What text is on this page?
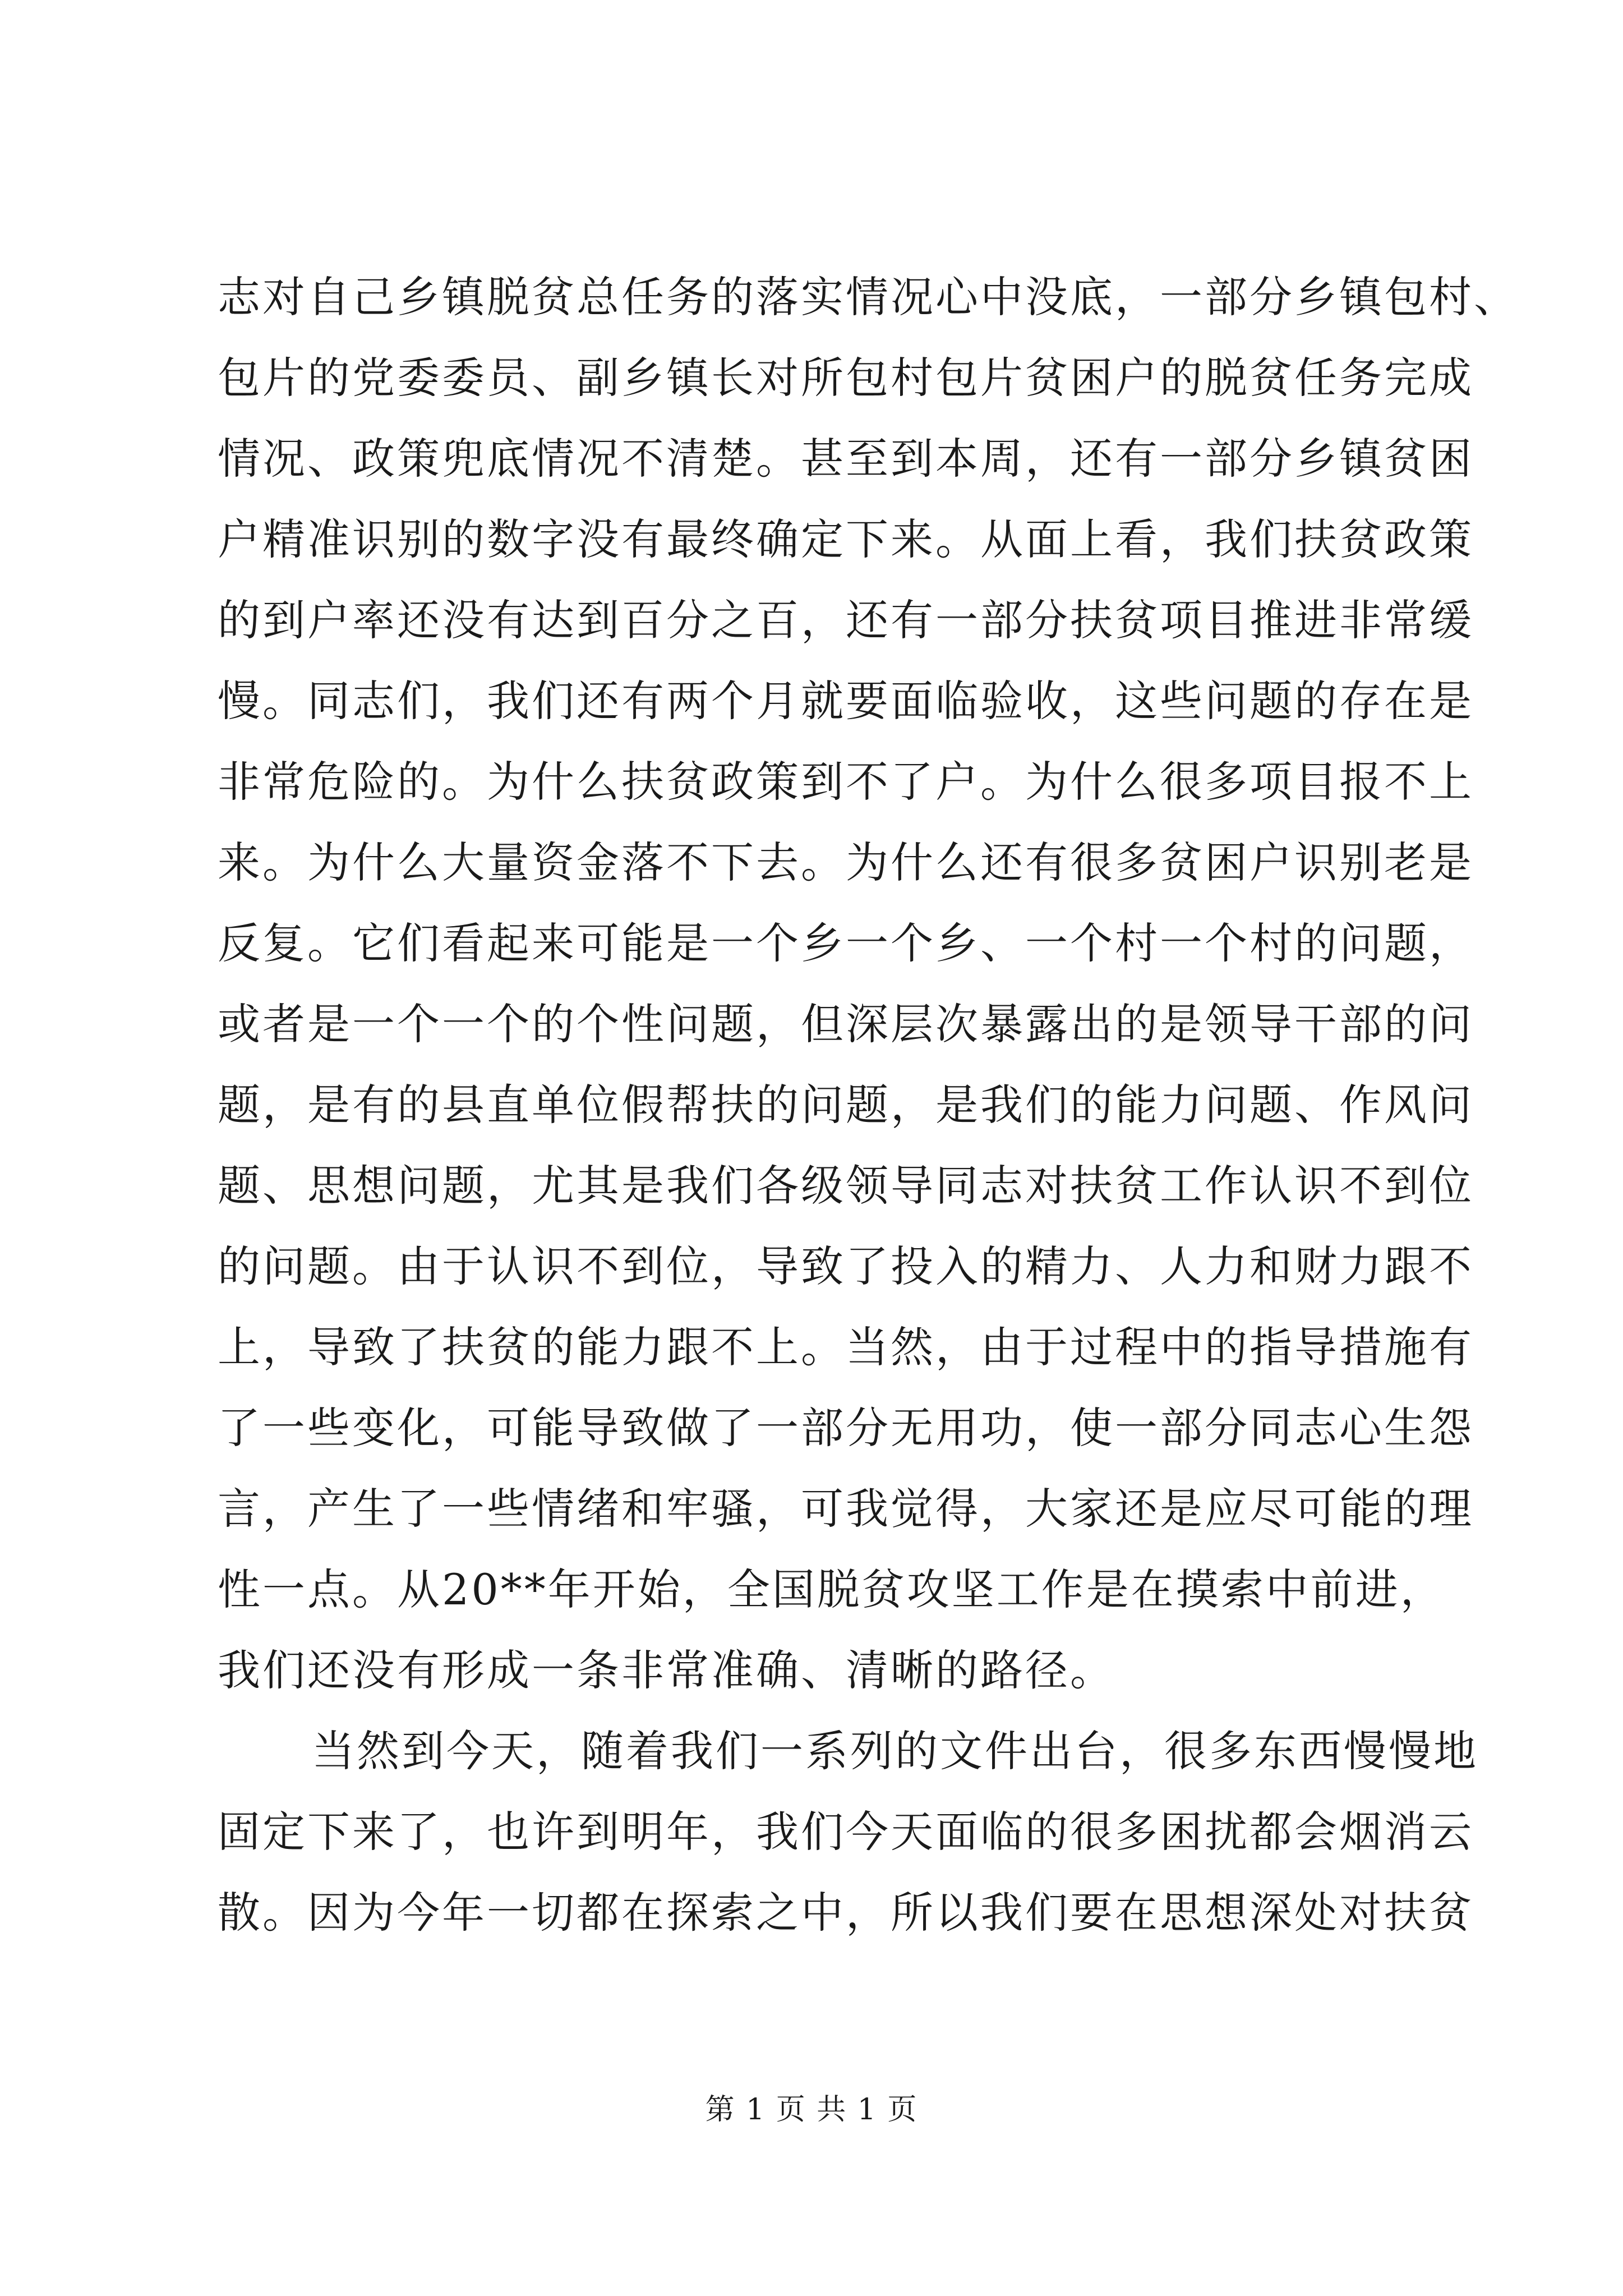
志对自己乡镇脱贫总任务的落实情况心中没底，一部分乡镇包村、
包片的党委委员、副乡镇长对所包村包片贫困户的脱贫任务完成
情况、政策兜底情况不清楚。甚至到本周，还有一部分乡镇贫困
户精准识别的数字没有最终确定下来。从面上看，我们扶贫政策
的到户率还没有达到百分之百，还有一部分扶贫项目推进非常缓
慢。同志们，我们还有两个月就要面临验收，这些问题的存在是
非常危险的。为什么扶贫政策到不了户。为什么很多项目报不上
来。为什么大量资金落不下去。为什么还有很多贫困户识别老是
反复。它们看起来可能是一个乡一个乡、一个村一个村的问题，
或者是一个一个的个性问题，但深层次暴露出的是领导干部的问
题，是有的县直单位假帮扶的问题，是我们的能力问题、作风问
题、思想问题，尤其是我们各级领导同志对扶贫工作认识不到位
的问题。由于认识不到位，导致了投入的精力、人力和财力跟不
上，导致了扶贫的能力跟不上。当然，由于过程中的指导措施有
了一些变化，可能导致做了一部分无用功，使一部分同志心生怨
言，产生了一些情绪和牢骚，可我觉得，大家还是应尽可能的理
性一点。从20**年开始，全国脱贫攻坚工作是在摸索中前进，
我们还没有形成一条非常准确、清晰的路径。
当然到今天，随着我们一系列的文件出台，很多东西慢慢地
固定下来了，也许到明年，我们今天面临的很多困扰都会烟消云
散。因为今年一切都在探索之中，所以我们要在思想深处对扶贫
第 1 页 共 1 页
